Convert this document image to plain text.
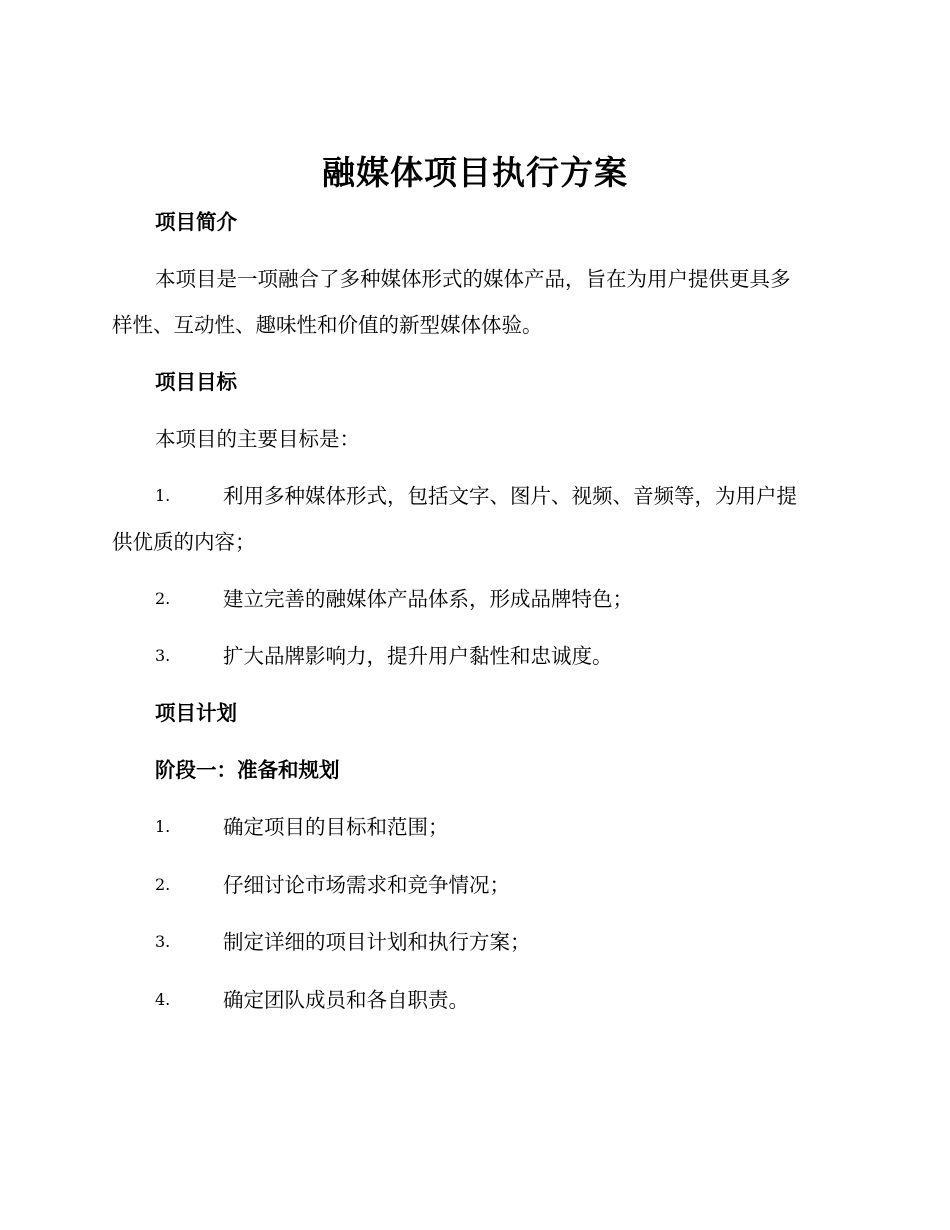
融媒体项目执行方案
项目简介
本项目是一项融合了多种媒体形式的媒体产品，旨在为用户提供更具多
样性、互动性、趣味性和价值的新型媒体体验。
项目目标
本项目的主要目标是：
1.	利用多种媒体形式，包括文字、图片、视频、音频等，为用户提
供优质的内容；
2.	建立完善的融媒体产品体系，形成品牌特色；
3.	扩大品牌影响力，提升用户黏性和忠诚度。
项目计划
阶段一：准备和规划
1.	确定项目的目标和范围；
2.	仔细讨论市场需求和竞争情况；
3.	制定详细的项目计划和执行方案；
4.	确定团队成员和各自职责。
